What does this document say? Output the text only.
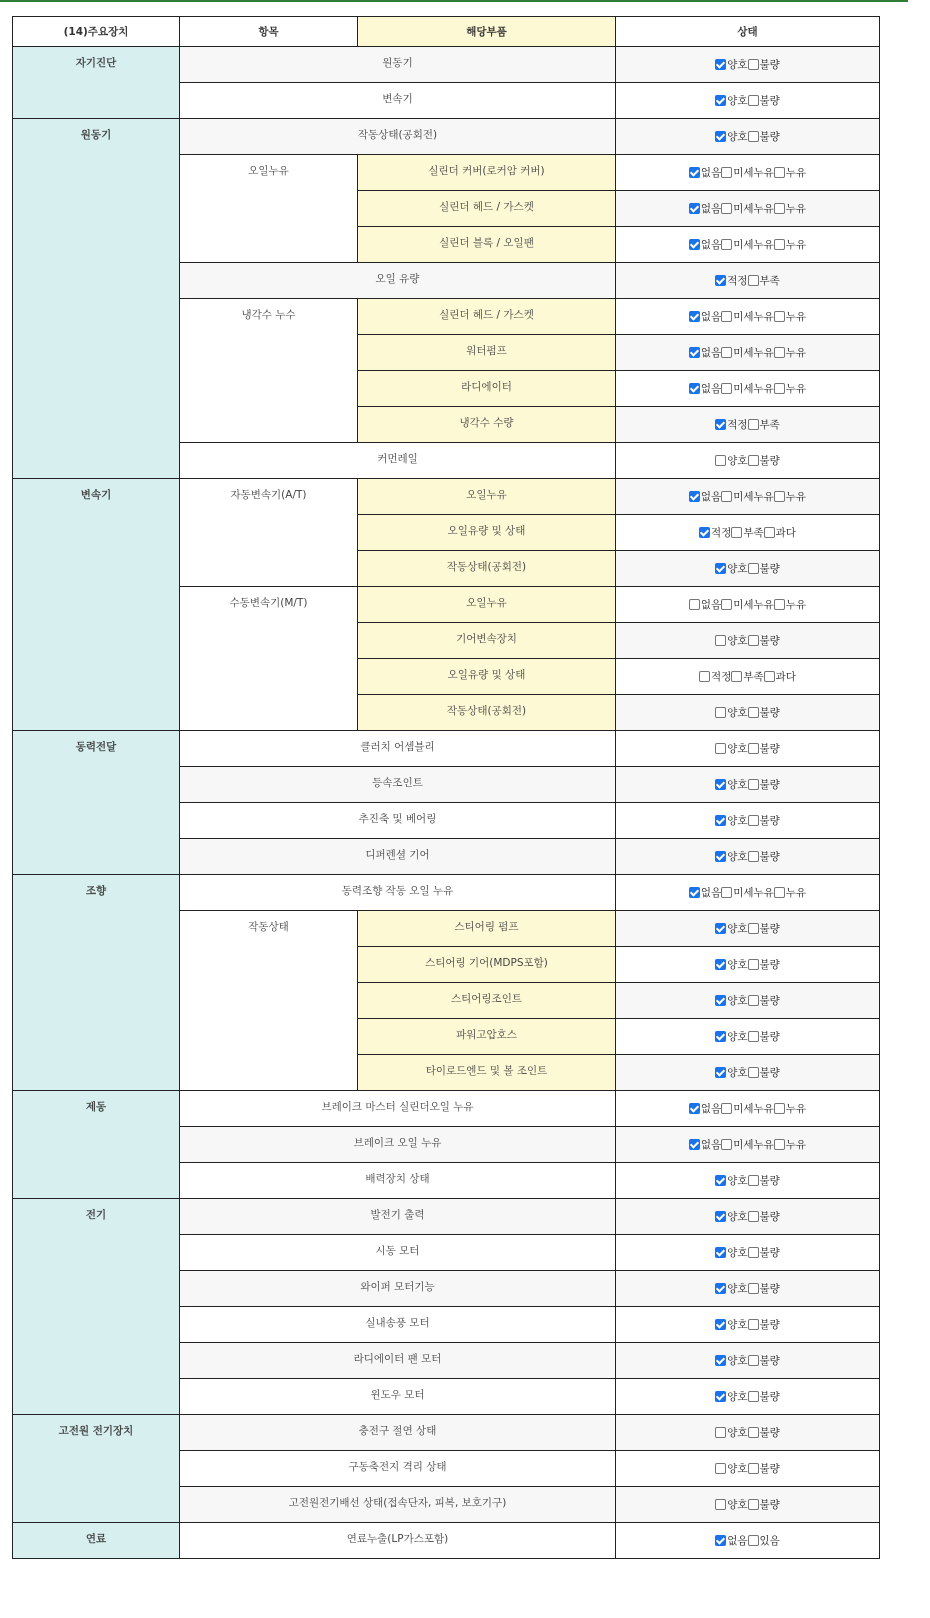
(14)주요장치	항목	해당부품	상태
자기진단	원동기		양호 불량

	변속기		양호 불량

원동기	작동상태(공회전)		양호 불량

	오일누유	실린더 커버(로커암 커버)	없음 미세누유 누유

		실린더 헤드 / 가스켓	없음 미세누유 누유

		실린더 블록 / 오일팬	없음 미세누유 누유

	오일 유량		적정 부족

	냉각수 누수	실린더 헤드 / 가스켓	없음 미세누유 누유

		워터펌프	없음 미세누유 누유

		라디에이터	없음 미세누유 누유

		냉각수 수량	적정 부족

	커먼레일		양호 불량

변속기	자동변속기(A/T)	오일누유	없음 미세누유 누유

		오일유량 및 상태	적정 부족 과다

		작동상태(공회전)	양호 불량

	수동변속기(M/T)	오일누유	없음 미세누유 누유

		기어변속장치	양호 불량

		오일유량 및 상태	적정 부족 과다

		작동상태(공회전)	양호 불량

동력전달	클러치 어셈블리		양호 불량

	등속조인트		양호 불량

	추진축 및 베어링		양호 불량

	디퍼렌셜 기어		양호 불량

조향	동력조향 작동 오일 누유		없음 미세누유 누유

	작동상태	스티어링 펌프	양호 불량

		스티어링 기어(MDPS포함)	양호 불량

		스티어링조인트	양호 불량

		파워고압호스	양호 불량

		타이로드엔드 및 볼 조인트	양호 불량

제동	브레이크 마스터 실린더오일 누유		없음 미세누유 누유

	브레이크 오일 누유		없음 미세누유 누유

	배력장치 상태		양호 불량

전기	발전기 출력		양호 불량

	시동 모터		양호 불량

	와이퍼 모터기능		양호 불량

	실내송풍 모터		양호 불량

	라디에이터 팬 모터		양호 불량

	윈도우 모터		양호 불량

고전원 전기장치	충전구 절연 상태		양호 불량

	구동축전지 격리 상태		양호 불량

	고전원전기배선 상태(접속단자, 피복, 보호기구)		양호 불량

연료	연료누출(LP가스포함)		없음 있음
